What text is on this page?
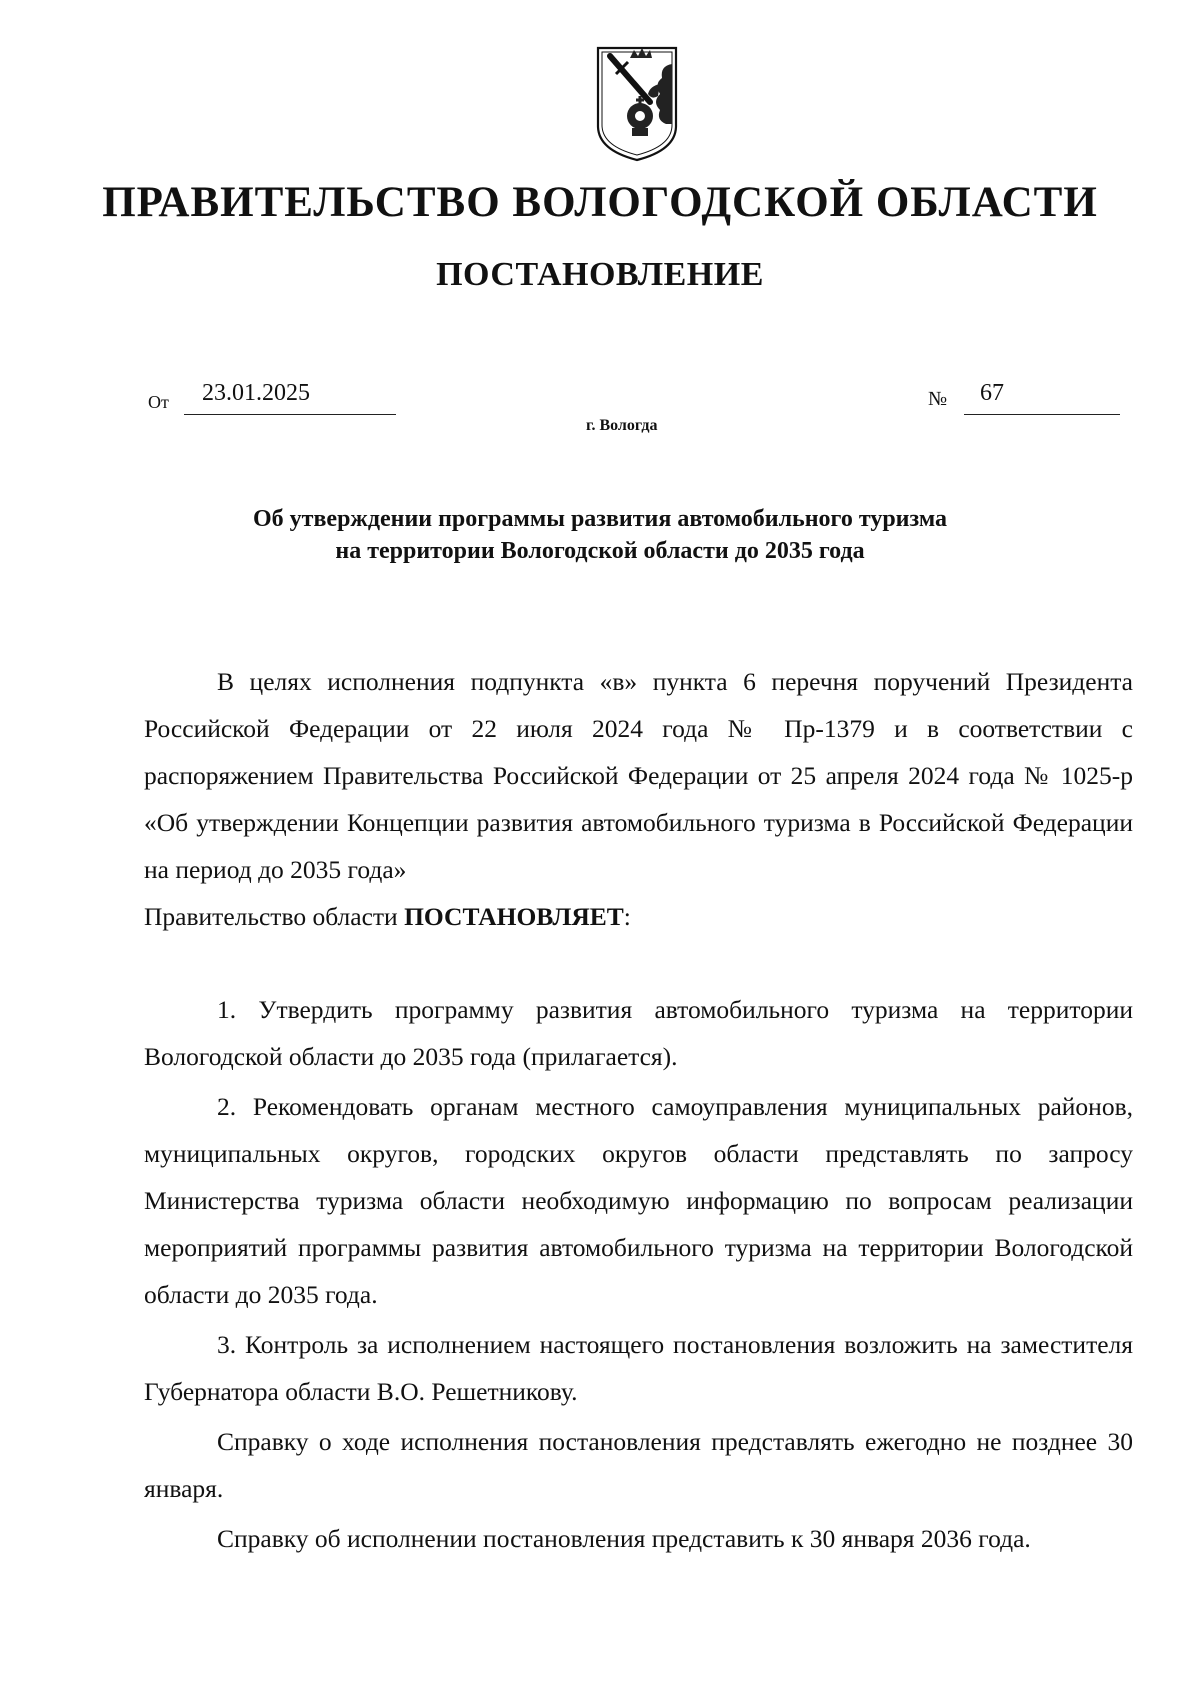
ПРАВИТЕЛЬСТВО ВОЛОГОДСКОЙ ОБЛАСТИ
ПОСТАНОВЛЕНИЕ
От 23.01.2025	№ 67
г. Вологда
Об утверждении программы развития автомобильного туризма
на территории Вологодской области до 2035 года

В целях исполнения подпункта «в» пункта 6 перечня поручений Президента Российской Федерации от 22 июля 2024 года № Пр-1379 и в соответствии с распоряжением Правительства Российской Федерации от 25 апреля 2024 года № 1025-р «Об утверждении Концепции развития автомобильного туризма в Российской Федерации на период до 2035 года»

Правительство области ПОСТАНОВЛЯЕТ:

1. Утвердить программу развития автомобильного туризма на территории Вологодской области до 2035 года (прилагается).

2. Рекомендовать органам местного самоуправления муниципальных районов, муниципальных округов, городских округов области представлять по запросу Министерства туризма области необходимую информацию по вопросам реализации мероприятий программы развития автомобильного туризма на территории Вологодской области до 2035 года.

3. Контроль за исполнением настоящего постановления возложить на заместителя Губернатора области В.О. Решетникову.

Справку о ходе исполнения постановления представлять ежегодно не позднее 30 января.

Справку об исполнении постановления представить к 30 января 2036 года.
